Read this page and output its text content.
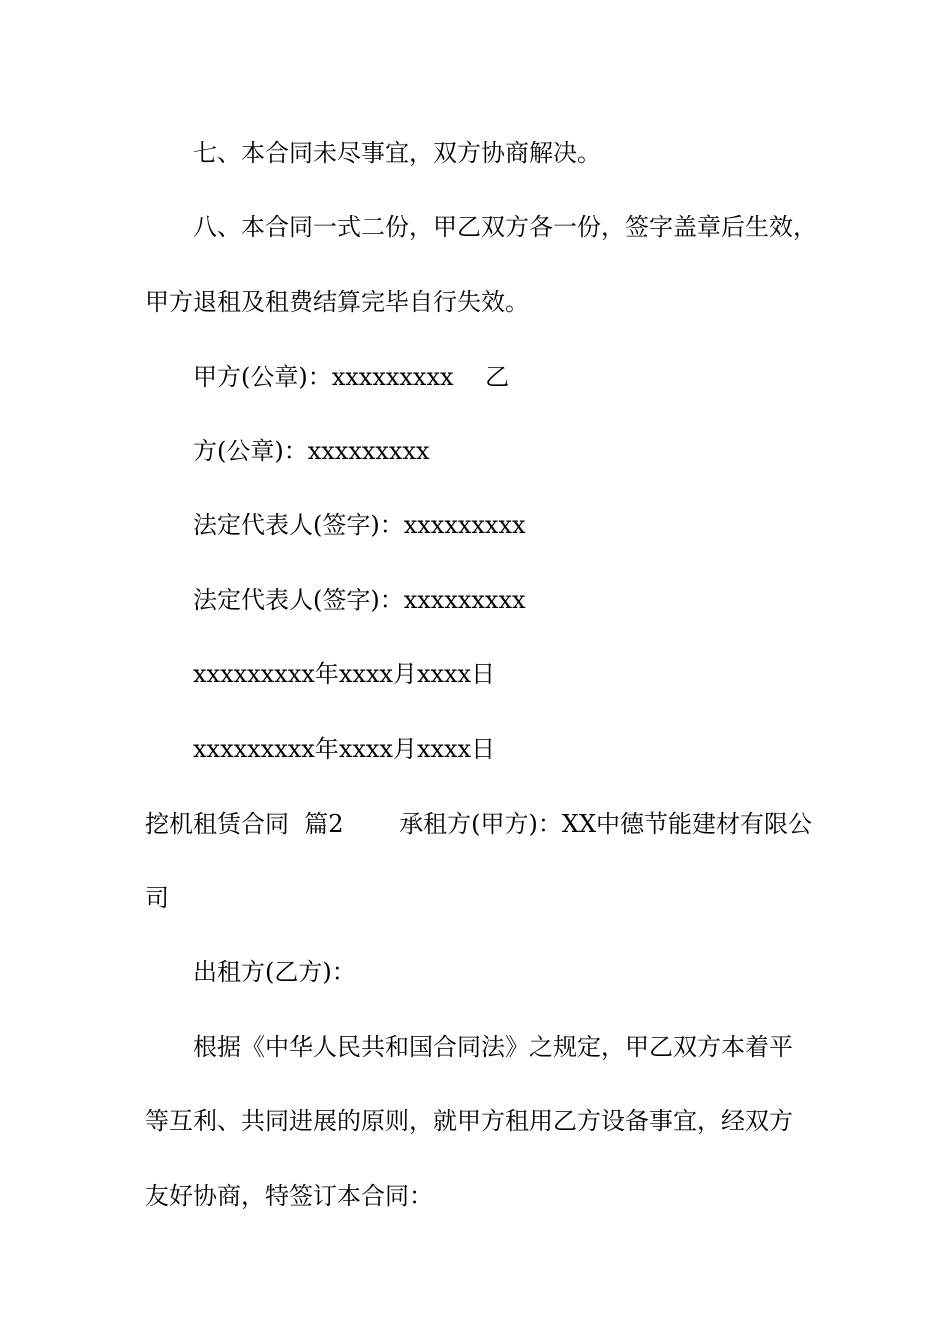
七、本合同未尽事宜，双方协商解决。
八、本合同一式二份，甲乙双方各一份，签字盖章后生效，
甲方退租及租费结算完毕自行失效。
甲方(公章)：xxxxxxxxx　 乙
方(公章)：xxxxxxxxx
法定代表人(签字)：xxxxxxxxx
法定代表人(签字)：xxxxxxxxx
xxxxxxxxx年xxxx月xxxx日
xxxxxxxxx年xxxx月xxxx日
挖机租赁合同  篇2　　 承租方(甲方)：XX中德节能建材有限公
司
出租方(乙方)：
根据《中华人民共和国合同法》之规定，甲乙双方本着平
等互利、共同进展的原则，就甲方租用乙方设备事宜，经双方
友好协商，特签订本合同：
